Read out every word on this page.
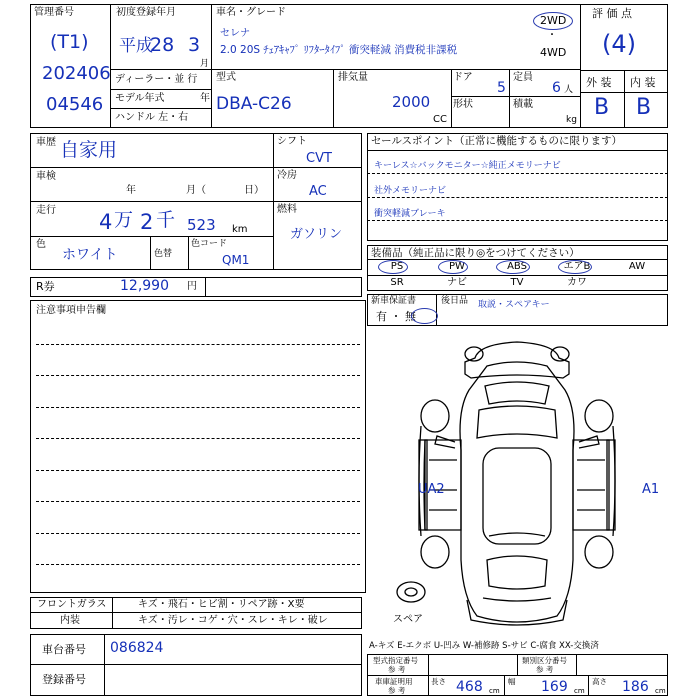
管理番号
(T1)
202406
04546
初度登録年月
平成
28 3
月
車名・グレード
セレナ
2.0 20S ﾁｪｱｷｬﾌﾟ ﾘﾌﾀｰﾀｲﾌﾟ 衝突軽減 消費税非課税
2WD
・
4WD
評 価 点
(4)
外 装 内 装
B B
ディーラー・並 行
モデル年式	年
ハンドル 左・右
型式
DBA-C26
排気量
2000
CC
ドア
5
定員
6 人
形状	積載
kg
車歴 自家用
車検
年	月（	日）
走行 4 万 2 千 523 km
色
ホワイト	色替
色コード
QM1
シフト
CVT
冷房
AC
燃料
ガソリン
R券	12,990 円
注意事項申告欄
セールスポイント（正常に機能するものに限ります）
キーレス☆バックモニター☆純正メモリーナビ
社外メモリーナビ
衝突軽減ブレーキ
装備品（純正品に限り◎をつけてください）
PS	PW	ABS	エアB	AW
SR	ナビ	TV	カワ
新車保証書
有 ・ 無
後日品 取説・スペアキー
UA2	A1
スペア
フロントガラス	キズ・飛石・ヒビ割・リペア跡・X要
内装	キズ・汚レ・コゲ・穴・スレ・キレ・破レ
車台番号 086824
登録番号
A-キズ E-エクボ U-凹み W-補修跡 S-サビ C-腐食 XX-交換済
型式指定番号
参 考
類別区分番号
参 考
車庫証明用
参 考
長さ 468 cm
幅 169 cm
高さ 186 cm
